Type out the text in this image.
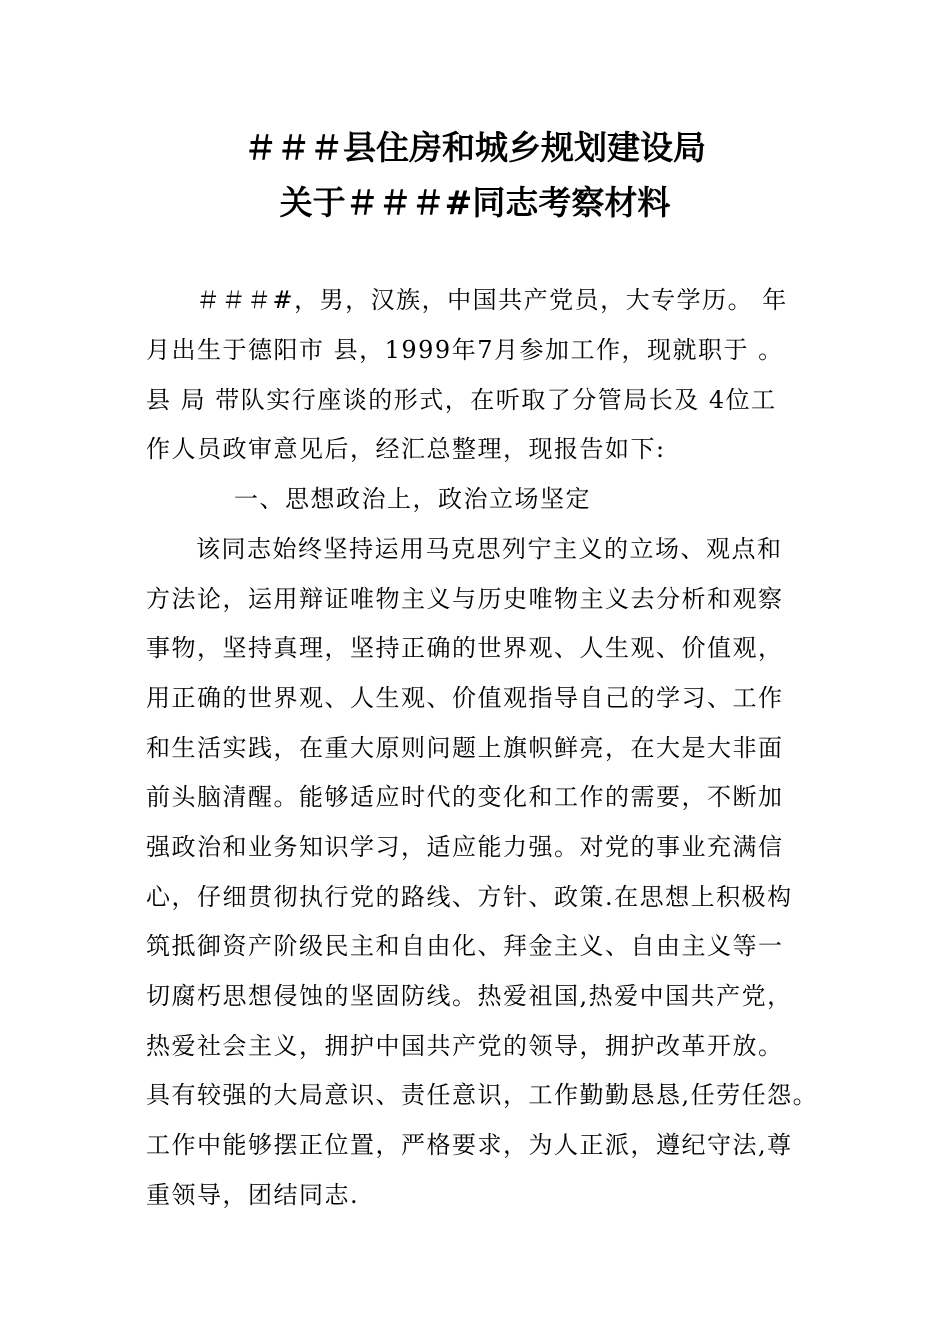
＃＃＃县住房和城乡规划建设局
关于＃＃＃#同志考察材料
＃＃＃#，男，汉族，中国共产党员，大专学历。 年
月出生于德阳市 县，1999年7月参加工作，现就职于 。
县 局 带队实行座谈的形式，在听取了分管局长及 4位工
作人员政审意见后，经汇总整理，现报告如下:
一、思想政治上，政治立场坚定
该同志始终坚持运用马克思列宁主义的立场、观点和
方法论，运用辩证唯物主义与历史唯物主义去分析和观察
事物，坚持真理，坚持正确的世界观、人生观、价值观，
用正确的世界观、人生观、价值观指导自己的学习、工作
和生活实践，在重大原则问题上旗帜鲜亮，在大是大非面
前头脑清醒。能够适应时代的变化和工作的需要，不断加
强政治和业务知识学习，适应能力强。对党的事业充满信
心，仔细贯彻执行党的路线、方针、政策.在思想上积极构
筑抵御资产阶级民主和自由化、拜金主义、自由主义等一
切腐朽思想侵蚀的坚固防线。热爱祖国,热爱中国共产党，
热爱社会主义，拥护中国共产党的领导，拥护改革开放。
具有较强的大局意识、责任意识，工作勤勤恳恳,任劳任怨。
工作中能够摆正位置，严格要求，为人正派，遵纪守法,尊
重领导，团结同志.
